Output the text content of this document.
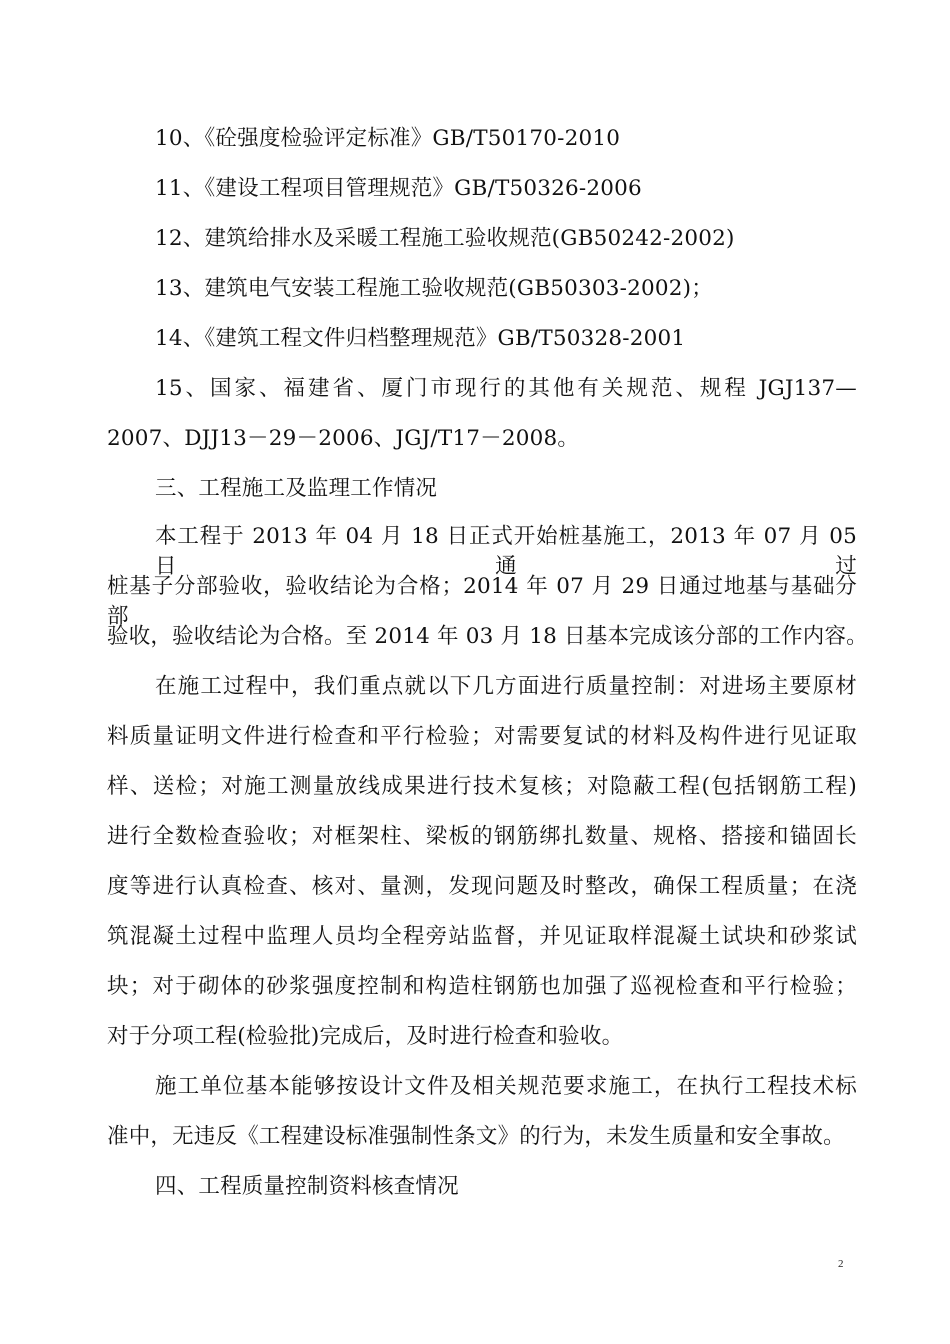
10、《砼强度检验评定标准》GB/T50170-2010
11、《建设工程项目管理规范》GB/T50326-2006
12、建筑给排水及采暖工程施工验收规范(GB50242-2002)
13、建筑电气安装工程施工验收规范(GB50303-2002)；
14、《建筑工程文件归档整理规范》GB/T50328-2001
15、国家、福建省、厦门市现行的其他有关规范、规程 JGJ137—
2007、DJJ13－29－2006、JGJ/T17－2008。
三、工程施工及监理工作情况
本工程于 2013 年 04 月 18 日正式开始桩基施工，2013 年 07 月 05 日通过
桩基子分部验收，验收结论为合格；2014 年 07 月 29 日通过地基与基础分部
验收，验收结论为合格。至 2014 年 03 月 18 日基本完成该分部的工作内容。
在施工过程中，我们重点就以下几方面进行质量控制：对进场主要原材
料质量证明文件进行检查和平行检验；对需要复试的材料及构件进行见证取
样、送检；对施工测量放线成果进行技术复核；对隐蔽工程(包括钢筋工程)
进行全数检查验收；对框架柱、梁板的钢筋绑扎数量、规格、搭接和锚固长
度等进行认真检查、核对、量测，发现问题及时整改，确保工程质量；在浇
筑混凝土过程中监理人员均全程旁站监督，并见证取样混凝土试块和砂浆试
块；对于砌体的砂浆强度控制和构造柱钢筋也加强了巡视检查和平行检验；
对于分项工程(检验批)完成后，及时进行检查和验收。
施工单位基本能够按设计文件及相关规范要求施工，在执行工程技术标
准中，无违反《工程建设标准强制性条文》的行为，未发生质量和安全事故。
四、工程质量控制资料核查情况
2
